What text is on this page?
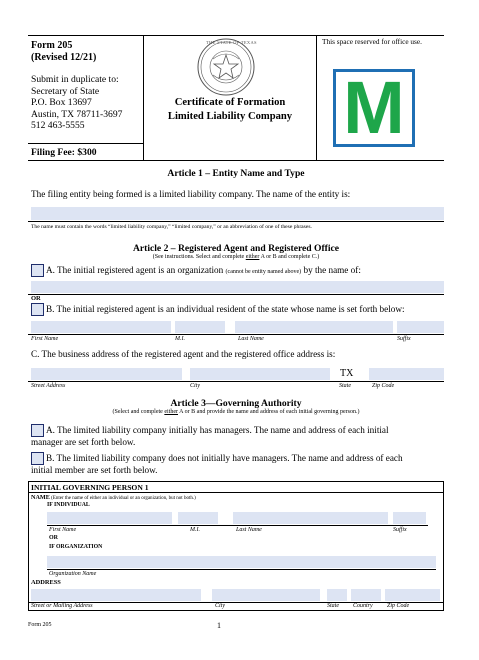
Form 205
(Revised 12/21)
Submit in duplicate to:
Secretary of State
P.O. Box 13697
Austin, TX 78711-3697
512 463-5555
Filing Fee: $300
THE STATE OF TEXAS
Certificate of Formation
Limited Liability Company
This space reserved for office use.
M
Article 1 – Entity Name and Type
The filing entity being formed is a limited liability company. The name of the entity is:
The name must contain the words “limited liability company,” “limited company,” or an abbreviation of one of these phrases.
Article 2 – Registered Agent and Registered Office
(See instructions. Select and complete either A or B and complete C.)
A. The initial registered agent is an organization (cannot be entity named above) by the name of:
OR
B. The initial registered agent is an individual resident of the state whose name is set forth below:
First Name	M.I.	Last Name	Suffix
C. The business address of the registered agent and the registered office address is:
TX
Street Address	City	State	Zip Code
Article 3—Governing Authority
(Select and complete either A or B and provide the name and address of each initial governing person.)
A. The limited liability company initially has managers. The name and address of each initial
manager are set forth below.
B. The limited liability company does not initially have managers. The name and address of each
initial member are set forth below.
INITIAL GOVERNING PERSON 1
NAME (Enter the name of either an individual or an organization, but not both.)
IF INDIVIDUAL
First Name	M.I.	Last Name	Suffix
OR
IF ORGANIZATION
Organization Name
ADDRESS
Street or Mailing Address	City	State Country Zip Code
Form 205	1
